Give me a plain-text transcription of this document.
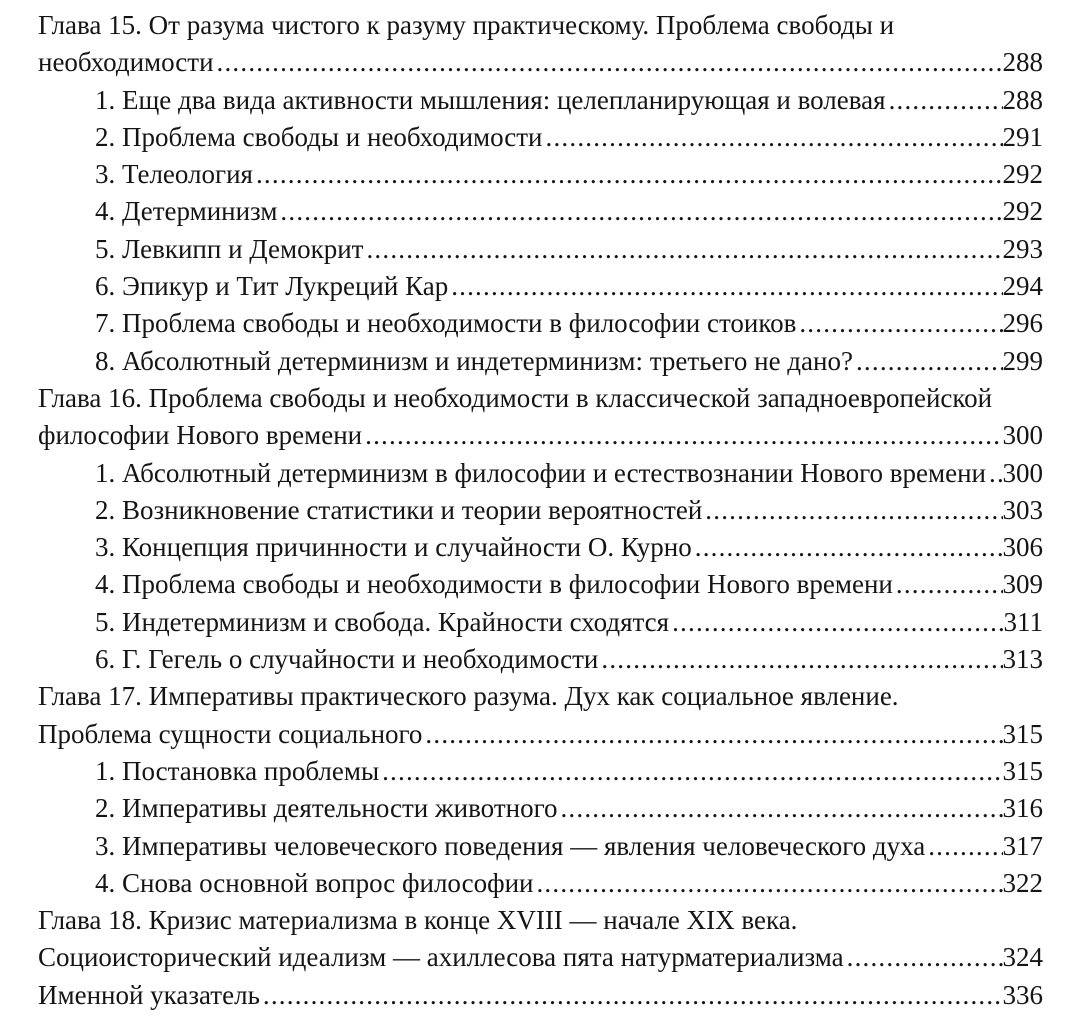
Глава 15. От разума чистого к разуму практическому. Проблема свободы и
необходимости .....	288
1. Еще два вида активности мышления: целепланирующая и волевая .....	288
2. Проблема свободы и необходимости .....	291
3. Телеология .....	292
4. Детерминизм .....	292
5. Левкипп и Демокрит .....	293
6. Эпикур и Тит Лукреций Кар .....	294
7. Проблема свободы и необходимости в философии стоиков .....	296
8. Абсолютный детерминизм и индетерминизм: третьего не дано? .....	299
Глава 16. Проблема свободы и необходимости в классической западноевропейской
философии Нового времени .....	300
1. Абсолютный детерминизм в философии и естествознании Нового времени ..... 300
2. Возникновение статистики и теории вероятностей .....	303
3. Концепция причинности и случайности О. Курно .....	306
4. Проблема свободы и необходимости в философии Нового времени .....	309
5. Индетерминизм и свобода. Крайности сходятся .....	311
6. Г. Гегель о случайности и необходимости .....	313
Глава 17. Императивы практического разума. Дух как социальное явление.
Проблема сущности социального .....	315
1. Постановка проблемы .....	315
2. Императивы деятельности животного .....	316
3. Императивы человеческого поведения — явления человеческого духа .....	317
4. Снова основной вопрос философии .....	322
Глава 18. Кризис материализма в конце XVIII — начале XIX века.
Социоисторический идеализм — ахиллесова пята натурматериализма .....	324
Именной указатель .....	336
